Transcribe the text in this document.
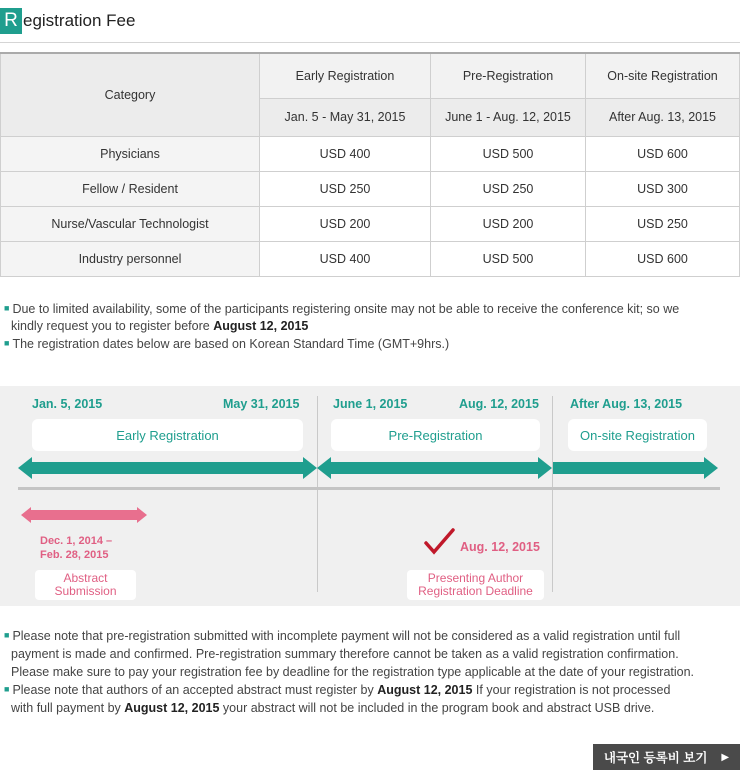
R egistration Fee
Category	Early Registration	Pre-Registration	On-site Registration
	Jan. 5 - May 31, 2015	June 1 - Aug. 12, 2015	After Aug. 13, 2015
Physicians	USD 400	USD 500	USD 600
Fellow / Resident	USD 250	USD 250	USD 300
Nurse/Vascular Technologist	USD 200	USD 200	USD 250
Industry personnel	USD 400	USD 500	USD 600
■ Due to limited availability, some of the participants registering onsite may not be able to receive the conference kit; so we
kindly request you to register before August 12, 2015
■ The registration dates below are based on Korean Standard Time (GMT+9hrs.)
Jan. 5, 2015	May 31, 2015	June 1, 2015	Aug. 12, 2015 After Aug. 13, 2015
Early Registration	Pre-Registration	On-site Registration
Dec. 1, 2014 –
Feb. 28, 2015
Abstract
Submission
Aug. 12, 2015
Presenting Author
Registration Deadline
■ Please note that pre-registration submitted with incomplete payment will not be considered as a valid registration until full
payment is made and confirmed. Pre-registration summary therefore cannot be taken as a valid registration confirmation.
Please make sure to pay your registration fee by deadline for the registration type applicable at the date of your registration.
■ Please note that authors of an accepted abstract must register by August 12, 2015 If your registration is not processed
with full payment by August 12, 2015 your abstract will not be included in the program book and abstract USB drive.
내국인 등록비 보기 ▶
